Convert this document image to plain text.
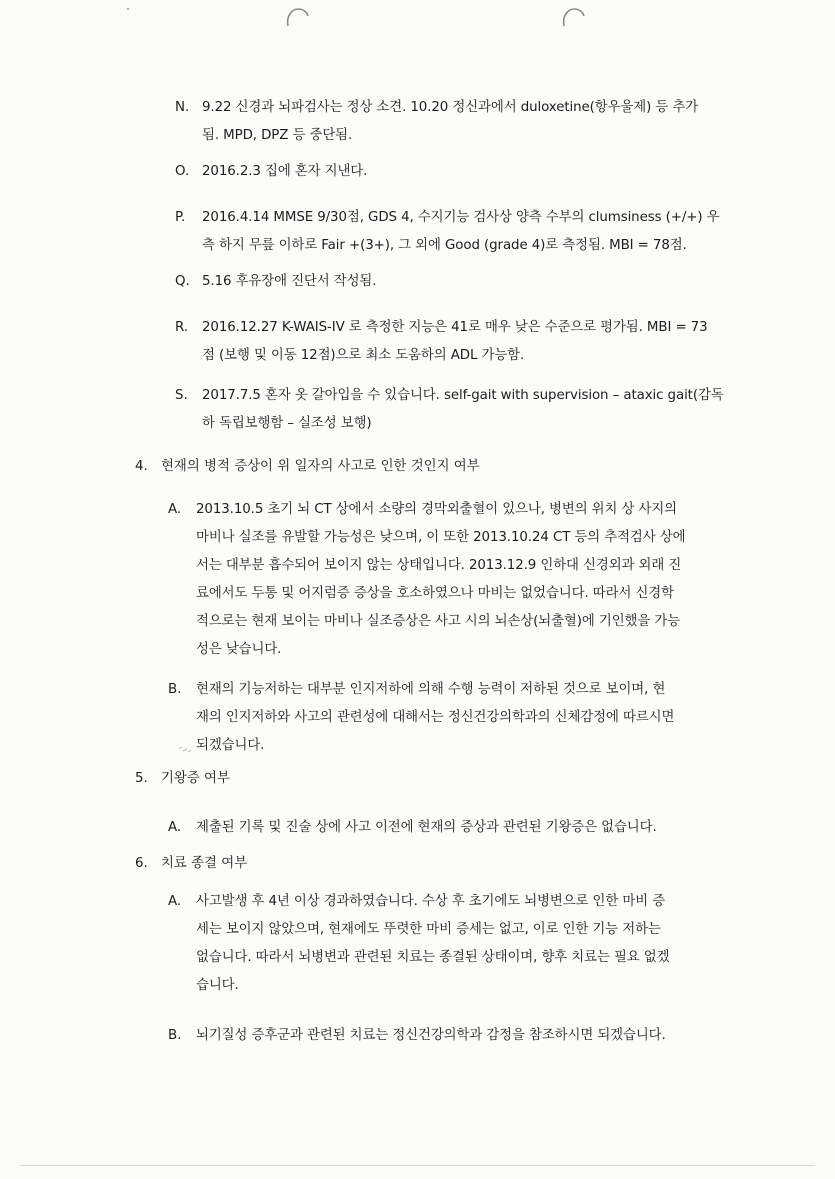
N. 9.22 신경과 뇌파검사는 정상 소견. 10.20 정신과에서 duloxetine(항우울제) 등 추가
됨. MPD, DPZ 등 중단됨.
O. 2016.2.3 집에 혼자 지낸다.
P. 2016.4.14 MMSE 9/30점, GDS 4, 수지기능 검사상 양측 수부의 clumsiness (+/+) 우
측 하지 무릎 이하로 Fair +(3+), 그 외에 Good (grade 4)로 측정됨. MBI = 78점.
Q. 5.16 후유장애 진단서 작성됨.
R. 2016.12.27 K-WAIS-IV 로 측정한 지능은 41로 매우 낮은 수준으로 평가됨. MBI = 73
점 (보행 및 이동 12점)으로 최소 도움하의 ADL 가능함.
S. 2017.7.5 혼자 옷 갈아입을 수 있습니다. self-gait with supervision – ataxic gait(감독
하 독립보행함 – 실조성 보행)
4. 현재의 병적 증상이 위 일자의 사고로 인한 것인지 여부
A. 2013.10.5 초기 뇌 CT 상에서 소량의 경막외출혈이 있으나, 병변의 위치 상 사지의
마비나 실조를 유발할 가능성은 낮으며, 이 또한 2013.10.24 CT 등의 추적검사 상에
서는 대부분 흡수되어 보이지 않는 상태입니다. 2013.12.9 인하대 신경외과 외래 진
료에서도 두통 및 어지럼증 증상을 호소하였으나 마비는 없었습니다. 따라서 신경학
적으로는 현재 보이는 마비나 실조증상은 사고 시의 뇌손상(뇌출혈)에 기인했을 가능
성은 낮습니다.
B. 현재의 기능저하는 대부분 인지저하에 의해 수행 능력이 저하된 것으로 보이며, 현
재의 인지저하와 사고의 관련성에 대해서는 정신건강의학과의 신체감정에 따르시면
되겠습니다.
5. 기왕증 여부
A. 제출된 기록 및 진술 상에 사고 이전에 현재의 증상과 관련된 기왕증은 없습니다.
6. 치료 종결 여부
A. 사고발생 후 4년 이상 경과하였습니다. 수상 후 초기에도 뇌병변으로 인한 마비 증
세는 보이지 않았으며, 현재에도 뚜렷한 마비 증세는 없고, 이로 인한 기능 저하는
없습니다. 따라서 뇌병변과 관련된 치료는 종결된 상태이며, 향후 치료는 필요 없겠
습니다.
B. 뇌기질성 증후군과 관련된 치료는 정신건강의학과 감정을 참조하시면 되겠습니다.
